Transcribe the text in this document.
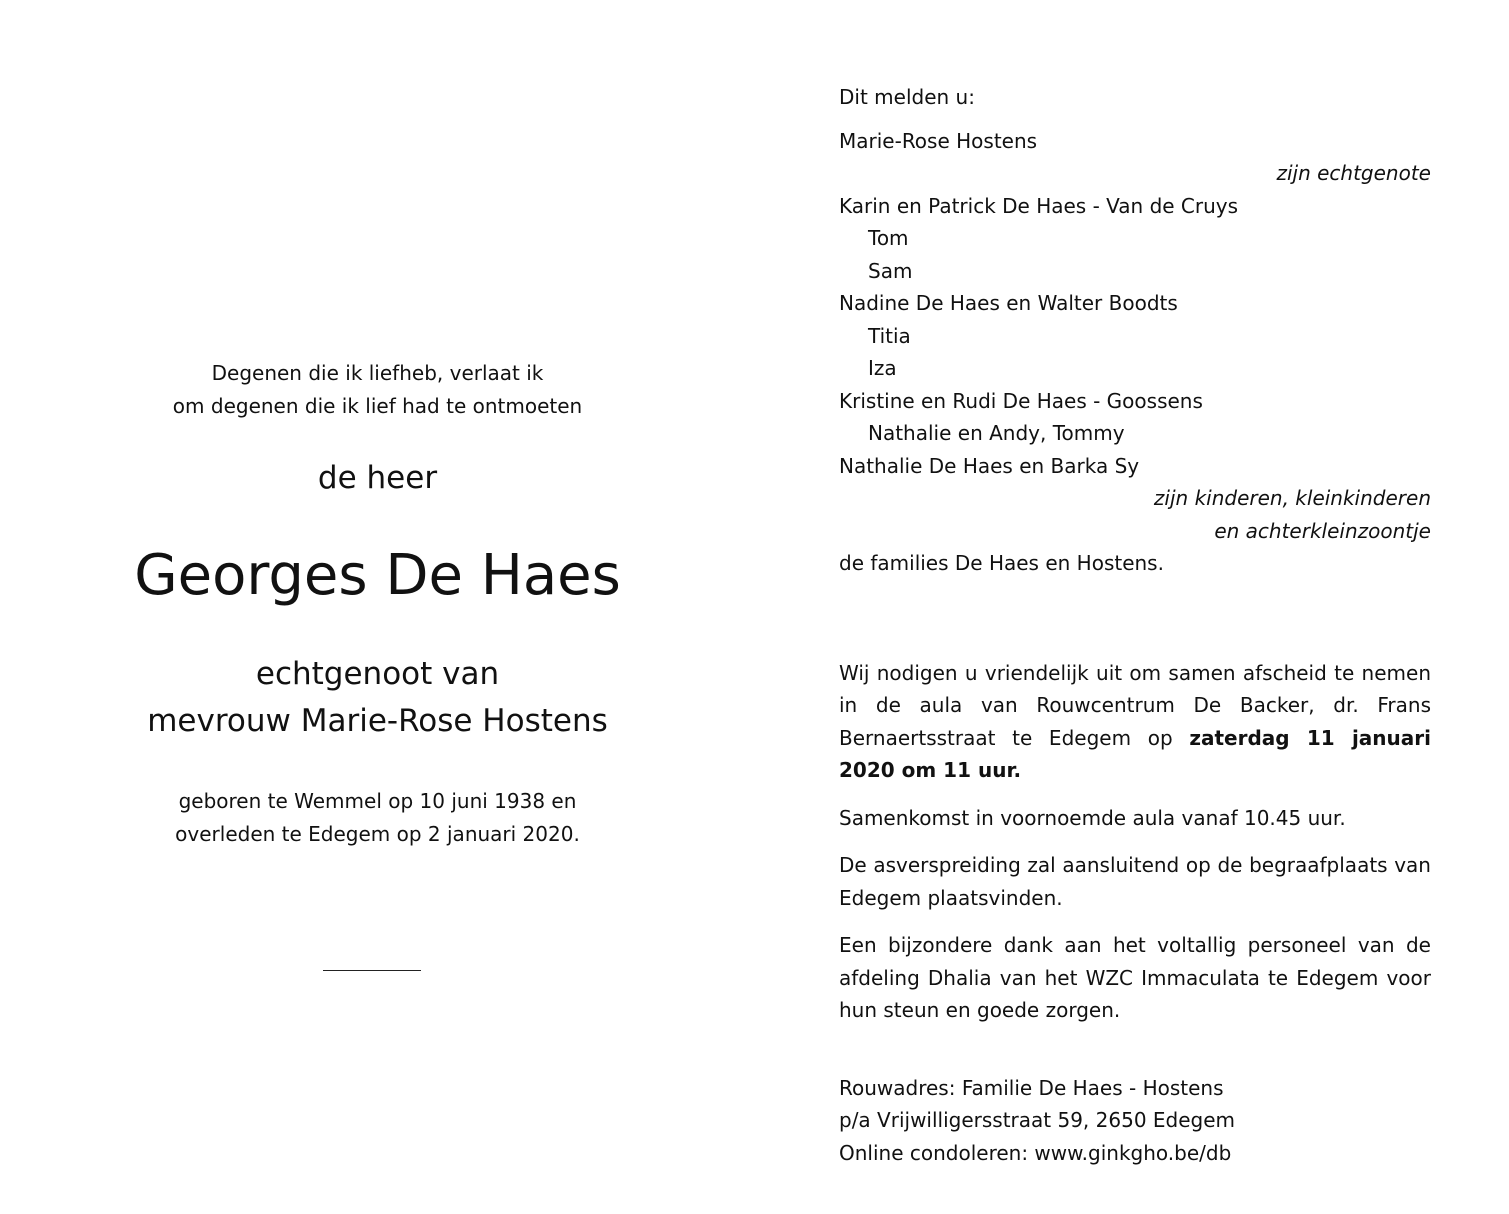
Degenen die ik liefheb, verlaat ik
om degenen die ik lief had te ontmoeten
de heer
Georges De Haes
echtgenoot van
mevrouw Marie-Rose Hostens
geboren te Wemmel op 10 juni 1938 en
overleden te Edegem op 2 januari 2020.
Dit melden u:
Marie-Rose Hostens
zijn echtgenote
Karin en Patrick De Haes - Van de Cruys
Tom
Sam
Nadine De Haes en Walter Boodts
Titia
Iza
Kristine en Rudi De Haes - Goossens
Nathalie en Andy, Tommy
Nathalie De Haes en Barka Sy
zijn kinderen, kleinkinderen
en achterkleinzoontje
de families De Haes en Hostens.

Wij nodigen u vriendelijk uit om samen afscheid te nemen in de aula van Rouwcentrum De Backer, dr. Frans Bernaertsstraat te Edegem op zaterdag 11 januari 2020 om 11 uur.

Samenkomst in voornoemde aula vanaf 10.45 uur.

De asverspreiding zal aansluitend op de begraafplaats van Edegem plaatsvinden.

Een bijzondere dank aan het voltallig personeel van de afdeling Dhalia van het WZC Immaculata te Edegem voor hun steun en goede zorgen.

Rouwadres: Familie De Haes - Hostens
p/a Vrijwilligersstraat 59, 2650 Edegem
Online condoleren: www.ginkgho.be/db
